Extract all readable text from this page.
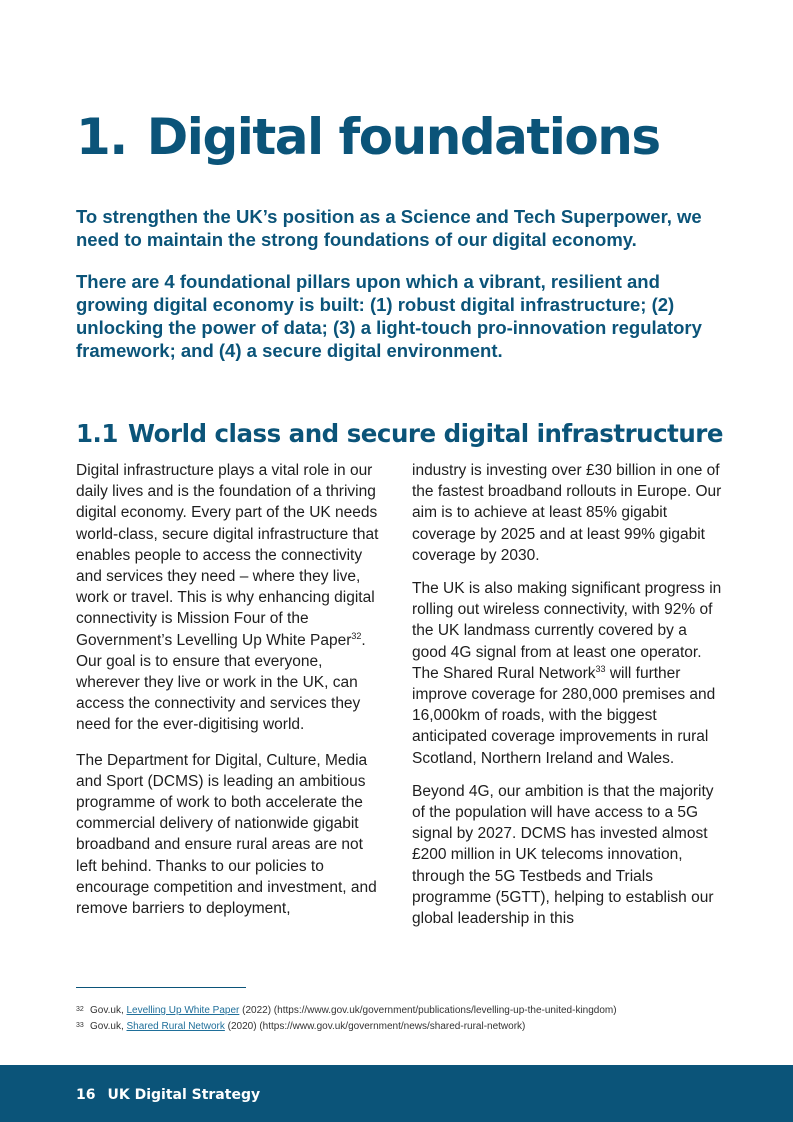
1. Digital foundations

To strengthen the UK’s position as a Science and Tech Superpower, we need to maintain the strong foundations of our digital economy.

There are 4 foundational pillars upon which a vibrant, resilient and growing digital economy is built: (1) robust digital infrastructure; (2) unlocking the power of data; (3) a light-touch pro-innovation regulatory framework; and (4) a secure digital environment.

1.1 World class and secure digital infrastructure

Digital infrastructure plays a vital role in our daily lives and is the foundation of a thriving digital economy. Every part of the UK needs world-class, secure digital infrastructure that enables people to access the connectivity and services they need – where they live, work or travel. This is why enhancing digital connectivity is Mission Four of the Government’s Levelling Up White Paper$^{32}$. Our goal is to ensure that everyone, wherever they live or work in the UK, can access the connectivity and services they need for the ever-digitising world.

The Department for Digital, Culture, Media and Sport (DCMS) is leading an ambitious programme of work to both accelerate the commercial delivery of nationwide gigabit broadband and ensure rural areas are not left behind. Thanks to our policies to encourage competition and investment, and remove barriers to deployment,

industry is investing over £30 billion in one of the fastest broadband rollouts in Europe. Our aim is to achieve at least 85% gigabit coverage by 2025 and at least 99% gigabit coverage by 2030.

The UK is also making significant progress in rolling out wireless connectivity, with 92% of the UK landmass currently covered by a good 4G signal from at least one operator. The Shared Rural Network$^{33}$ will further improve coverage for 280,000 premises and 16,000km of roads, with the biggest anticipated coverage improvements in rural Scotland, Northern Ireland and Wales.

Beyond 4G, our ambition is that the majority of the population will have access to a 5G signal by 2027. DCMS has invested almost £200 million in UK telecoms innovation, through the 5G Testbeds and Trials programme (5GTT), helping to establish our global leadership in this

32 Gov.uk, Levelling Up White Paper (2022) (https://www.gov.uk/government/publications/levelling-up-the-united-kingdom)
33 Gov.uk, Shared Rural Network (2020) (https://www.gov.uk/government/news/shared-rural-network)
16 UK Digital Strategy
